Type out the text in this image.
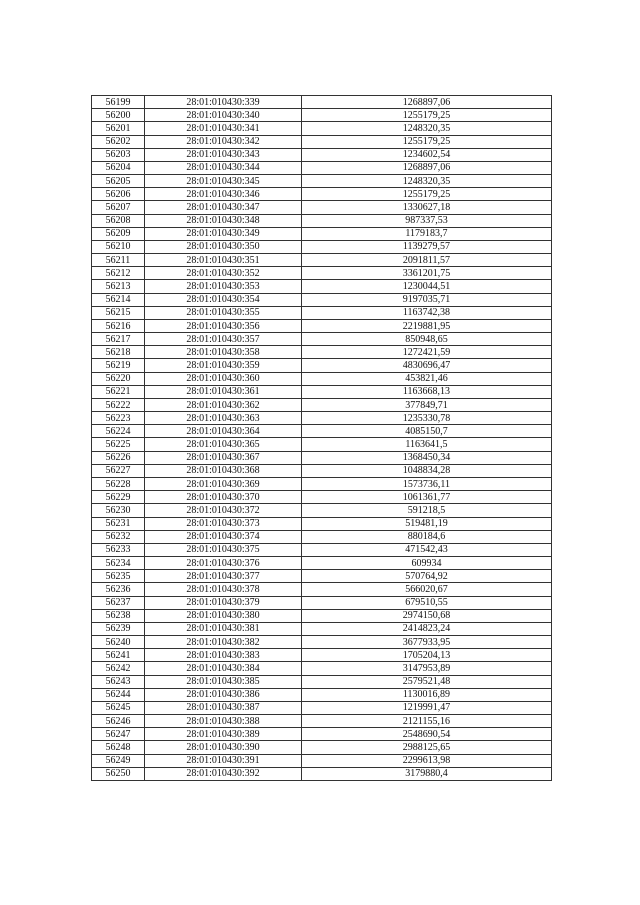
56199	28:01:010430:339	1268897,06
56200	28:01:010430:340	1255179,25
56201	28:01:010430:341	1248320,35
56202	28:01:010430:342	1255179,25
56203	28:01:010430:343	1234602,54
56204	28:01:010430:344	1268897,06
56205	28:01:010430:345	1248320,35
56206	28:01:010430:346	1255179,25
56207	28:01:010430:347	1330627,18
56208	28:01:010430:348	987337,53
56209	28:01:010430:349	1179183,7
56210	28:01:010430:350	1139279,57
56211	28:01:010430:351	2091811,57
56212	28:01:010430:352	3361201,75
56213	28:01:010430:353	1230044,51
56214	28:01:010430:354	9197035,71
56215	28:01:010430:355	1163742,38
56216	28:01:010430:356	2219881,95
56217	28:01:010430:357	850948,65
56218	28:01:010430:358	1272421,59
56219	28:01:010430:359	4830696,47
56220	28:01:010430:360	453821,46
56221	28:01:010430:361	1163668,13
56222	28:01:010430:362	377849,71
56223	28:01:010430:363	1235330,78
56224	28:01:010430:364	4085150,7
56225	28:01:010430:365	1163641,5
56226	28:01:010430:367	1368450,34
56227	28:01:010430:368	1048834,28
56228	28:01:010430:369	1573736,11
56229	28:01:010430:370	1061361,77
56230	28:01:010430:372	591218,5
56231	28:01:010430:373	519481,19
56232	28:01:010430:374	880184,6
56233	28:01:010430:375	471542,43
56234	28:01:010430:376	609934
56235	28:01:010430:377	570764,92
56236	28:01:010430:378	566020,67
56237	28:01:010430:379	679510,55
56238	28:01:010430:380	2974150,68
56239	28:01:010430:381	2414823,24
56240	28:01:010430:382	3677933,95
56241	28:01:010430:383	1705204,13
56242	28:01:010430:384	3147953,89
56243	28:01:010430:385	2579521,48
56244	28:01:010430:386	1130016,89
56245	28:01:010430:387	1219991,47
56246	28:01:010430:388	2121155,16
56247	28:01:010430:389	2548690,54
56248	28:01:010430:390	2988125,65
56249	28:01:010430:391	2299613,98
56250	28:01:010430:392	3179880,4
